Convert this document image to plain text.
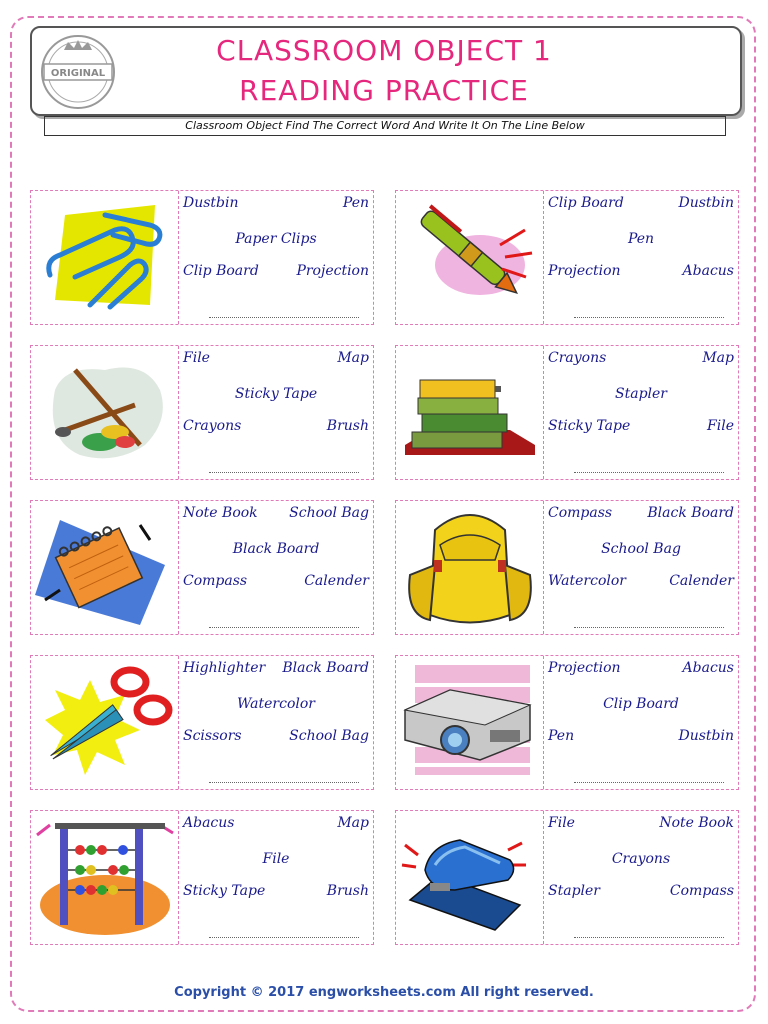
ORIGINAL
CLASSROOM OBJECT 1
READING PRACTICE
Classroom Object Find The Correct Word And Write It On The Line Below
Dustbin	Pen
Paper Clips
Clip Board	Projection
Clip Board	Dustbin
Pen
Projection	Abacus
File	Map
Sticky Tape
Crayons	Brush
Crayons	Map
Stapler
Sticky Tape	File
Note Book School Bag
Black Board
Compass	Calender
Compass	Black Board
School Bag
Watercolor	Calender
Highlighter Black Board
Watercolor
Scissors	School Bag
Projection	Abacus
Clip Board
Pen	Dustbin
Abacus	Map
File
Sticky Tape	Brush
File	Note Book
Crayons
Stapler	Compass
Copyright © 2017 engworksheets.com All right reserved.
